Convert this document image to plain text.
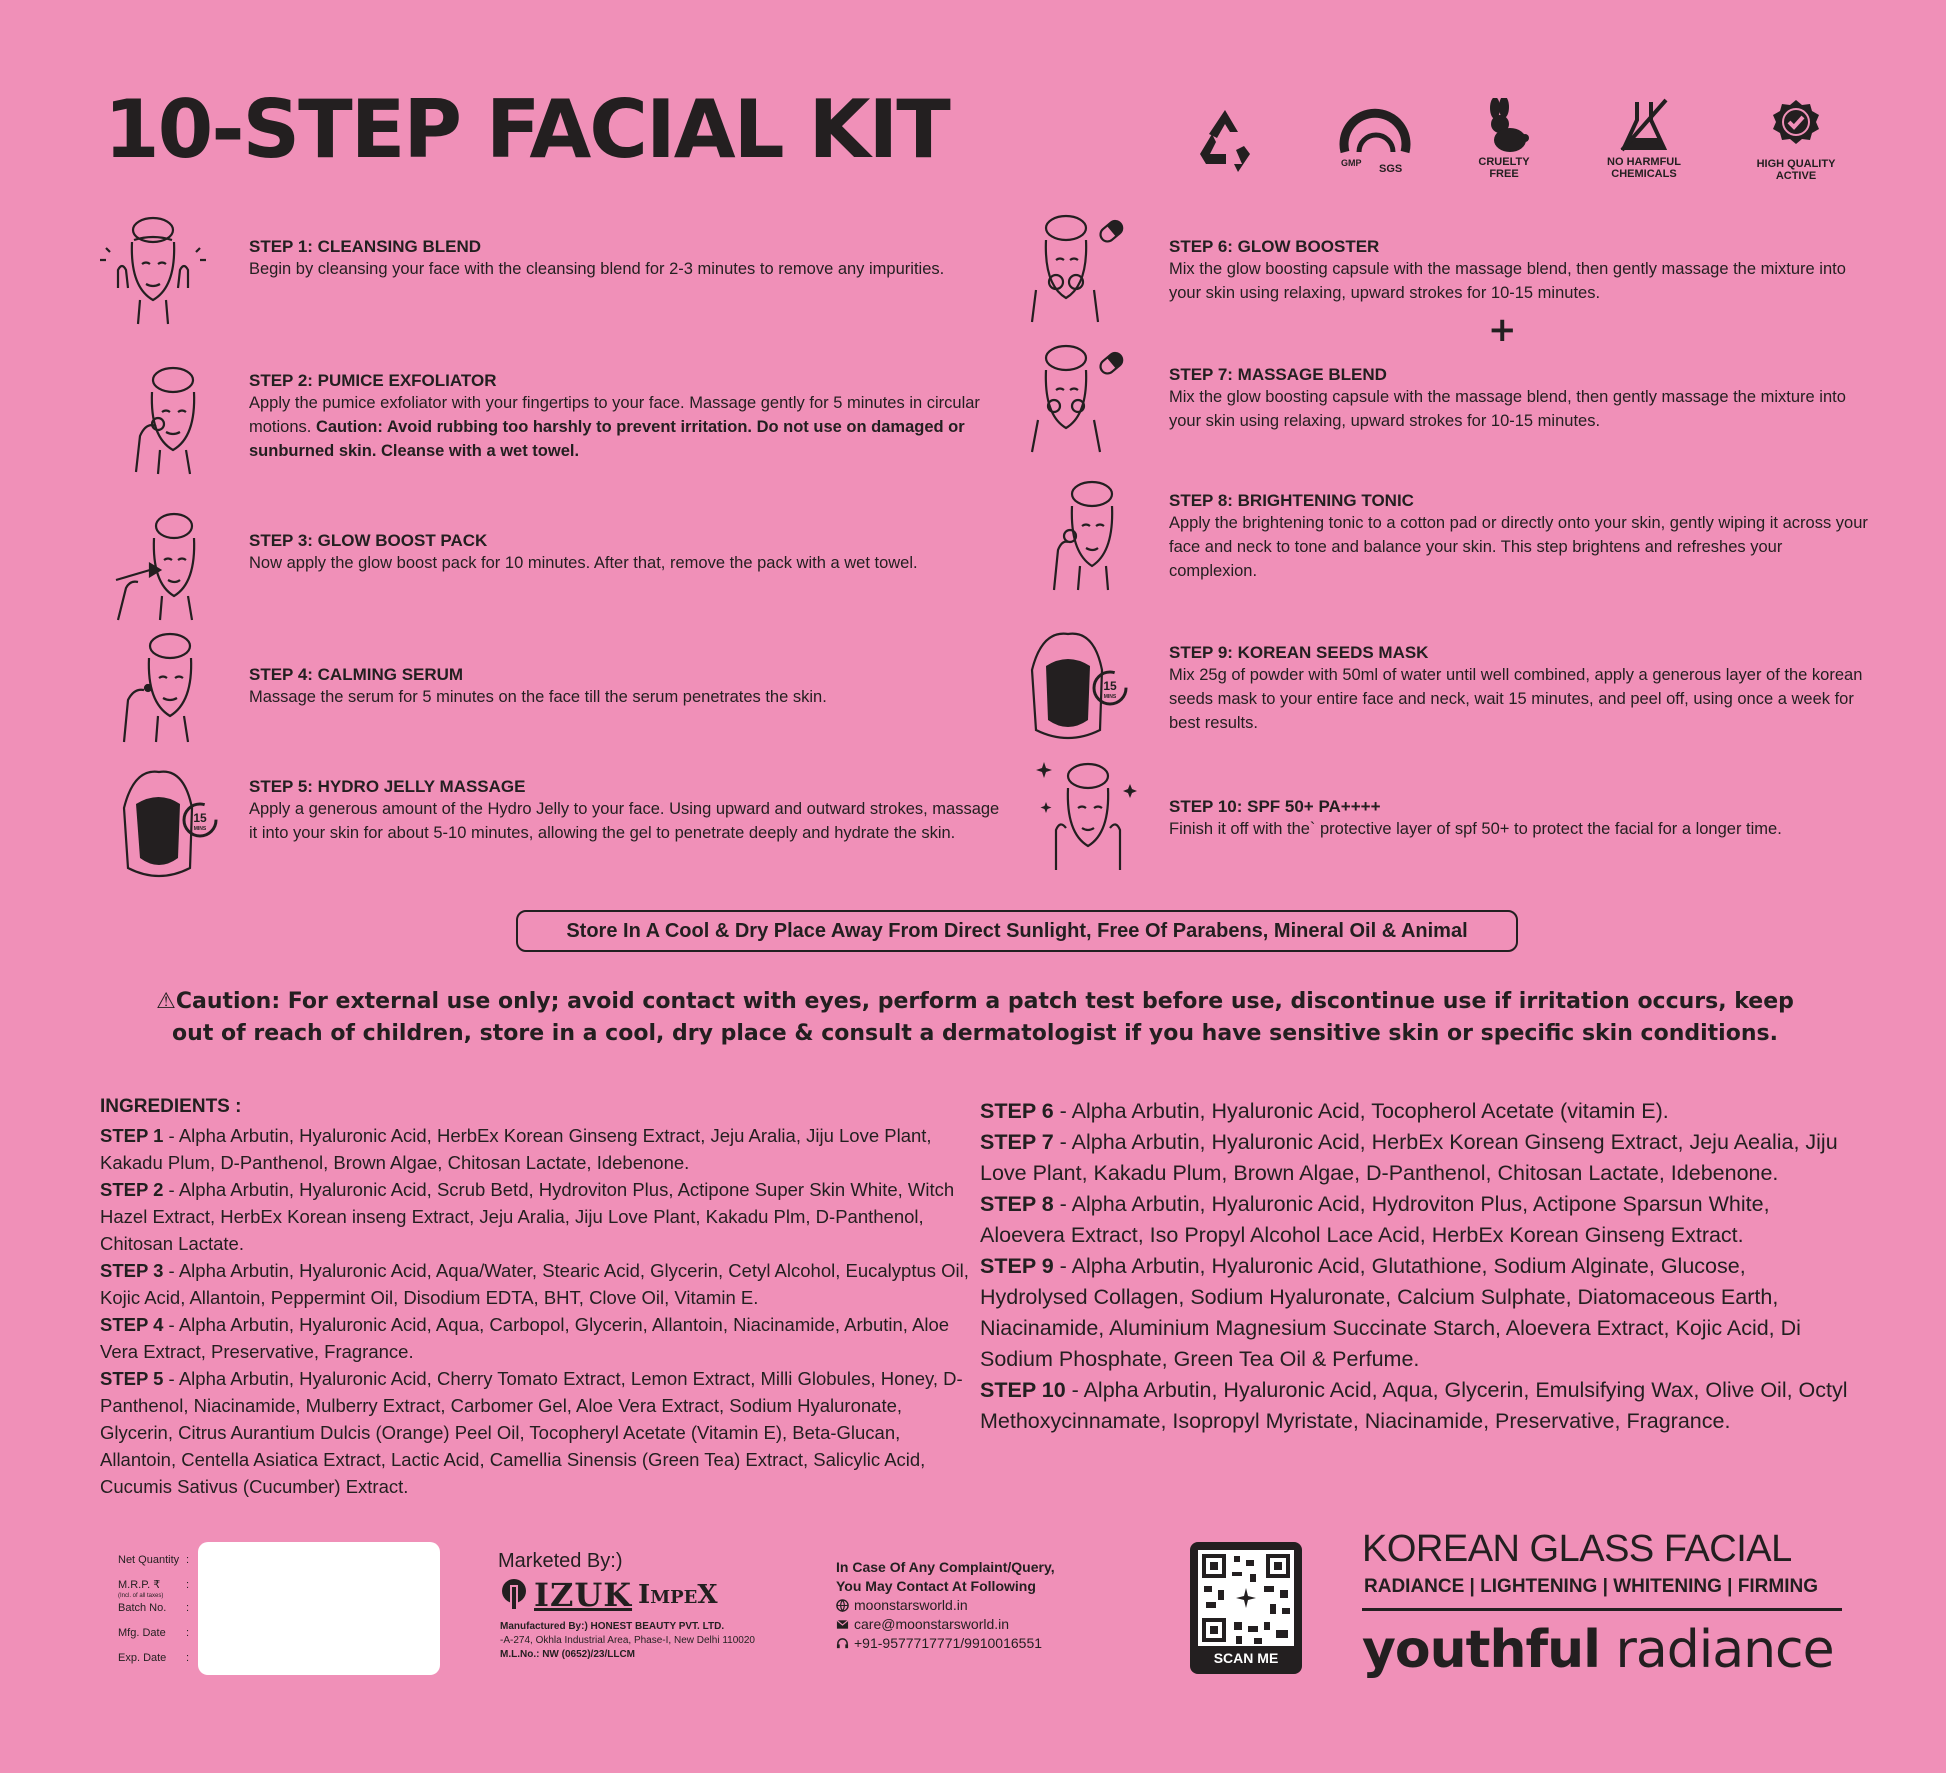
10-STEP FACIAL KIT	GMP SGS
CRUELTY
FREE
NO HARMFUL
CHEMICALS
HIGH QUALITY
ACTIVE
15
MINS
15
MINS
STEP 1: CLEANSING BLEND
Begin by cleansing your face with the cleansing blend for 2-3 minutes to remove any impurities.
STEP 2: PUMICE EXFOLIATOR
Apply the pumice exfoliator with your fingertips to your face. Massage gently for 5 minutes in circular motions. Caution: Avoid rubbing too harshly to prevent irritation. Do not use on damaged or sunburned skin. Cleanse with a wet towel.
STEP 3: GLOW BOOST PACK
Now apply the glow boost pack for 10 minutes. After that, remove the pack with a wet towel.
STEP 4: CALMING SERUM
Massage the serum for 5 minutes on the face till the serum penetrates the skin.
STEP 5: HYDRO JELLY MASSAGE
Apply a generous amount of the Hydro Jelly to your face. Using upward and outward strokes, massage it into your skin for about 5-10 minutes, allowing the gel to penetrate deeply and hydrate the skin.
STEP 6: GLOW BOOSTER
Mix the glow boosting capsule with the massage blend, then gently massage the mixture into your skin using relaxing, upward strokes for 10-15 minutes.
+
STEP 7: MASSAGE BLEND
Mix the glow boosting capsule with the massage blend, then gently massage the mixture into your skin using relaxing, upward strokes for 10-15 minutes.
STEP 8: BRIGHTENING TONIC
Apply the brightening tonic to a cotton pad or directly onto your skin, gently wiping it across your face and neck to tone and balance your skin. This step brightens and refreshes your complexion.
STEP 9: KOREAN SEEDS MASK
Mix 25g of powder with 50ml of water until well combined, apply a generous layer of the korean seeds mask to your entire face and neck, wait 15 minutes, and peel off, using once a week for best results.
STEP 10: SPF 50+ PA++++
Finish it off with the` protective layer of spf 50+ to protect the facial for a longer time.
Store In A Cool & Dry Place Away From Direct Sunlight, Free Of Parabens, Mineral Oil & Animal
⚠Caution: For external use only; avoid contact with eyes, perform a patch test before use, discontinue use if irritation occurs, keep
out of reach of children, store in a cool, dry place & consult a dermatologist if you have sensitive skin or specific skin conditions.
INGREDIENTS :
STEP 1 - Alpha Arbutin, Hyaluronic Acid, HerbEx Korean Ginseng Extract, Jeju Aralia, Jiju Love Plant, Kakadu Plum, D-Panthenol, Brown Algae, Chitosan Lactate, Idebenone.
STEP 2 - Alpha Arbutin, Hyaluronic Acid, Scrub Betd, Hydroviton Plus, Actipone Super Skin White, Witch Hazel Extract, HerbEx Korean inseng Extract, Jeju Aralia, Jiju Love Plant, Kakadu Plm, D-Panthenol, Chitosan Lactate.
STEP 3 - Alpha Arbutin, Hyaluronic Acid, Aqua/Water, Stearic Acid, Glycerin, Cetyl Alcohol, Eucalyptus Oil, Kojic Acid, Allantoin, Peppermint Oil, Disodium EDTA, BHT, Clove Oil, Vitamin E.
STEP 4 - Alpha Arbutin, Hyaluronic Acid, Aqua, Carbopol, Glycerin, Allantoin, Niacinamide, Arbutin, Aloe Vera Extract, Preservative, Fragrance.
STEP 5 - Alpha Arbutin, Hyaluronic Acid, Cherry Tomato Extract, Lemon Extract, Milli Globules, Honey, D-Panthenol, Niacinamide, Mulberry Extract, Carbomer Gel, Aloe Vera Extract, Sodium Hyaluronate, Glycerin, Citrus Aurantium Dulcis (Orange) Peel Oil, Tocopheryl Acetate (Vitamin E), Beta-Glucan, Allantoin, Centella Asiatica Extract, Lactic Acid, Camellia Sinensis (Green Tea) Extract, Salicylic Acid, Cucumis Sativus (Cucumber) Extract.
STEP 6 - Alpha Arbutin, Hyaluronic Acid, Tocopherol Acetate (vitamin E).
STEP 7 - Alpha Arbutin, Hyaluronic Acid, HerbEx Korean Ginseng Extract, Jeju Aealia, Jiju Love Plant, Kakadu Plum, Brown Algae, D-Panthenol, Chitosan Lactate, Idebenone.
STEP 8 - Alpha Arbutin, Hyaluronic Acid, Hydroviton Plus, Actipone Sparsun White, Aloevera Extract, Iso Propyl Alcohol Lace Acid, HerbEx Korean Ginseng Extract.
STEP 9 - Alpha Arbutin, Hyaluronic Acid, Glutathione, Sodium Alginate, Glucose, Hydrolysed Collagen, Sodium Hyaluronate, Calcium Sulphate, Diatomaceous Earth, Niacinamide, Aluminium Magnesium Succinate Starch, Aloevera Extract, Kojic Acid, Di Sodium Phosphate, Green Tea Oil & Perfume.
STEP 10 - Alpha Arbutin, Hyaluronic Acid, Aqua, Glycerin, Emulsifying Wax, Olive Oil, Octyl Methoxycinnamate, Isopropyl Myristate, Niacinamide, Preservative, Fragrance.
Net Quantity :
M.R.P. ₹ :
(Incl. of all taxes)
Batch No. :
Mfg. Date :
Exp. Date :
Marketed By:)
IZUK ImpeX
Manufactured By:) HONEST BEAUTY PVT. LTD.
-A-274, Okhla Industrial Area, Phase-I, New Delhi 110020
M.L.No.: NW (0652)/23/LLCM
In Case Of Any Complaint/Query,
You May Contact At Following
moonstarsworld.in
care@moonstarsworld.in
+91-9577717771/9910016551
SCAN ME
KOREAN GLASS FACIAL
RADIANCE | LIGHTENING | WHITENING | FIRMING
youthful radiance
